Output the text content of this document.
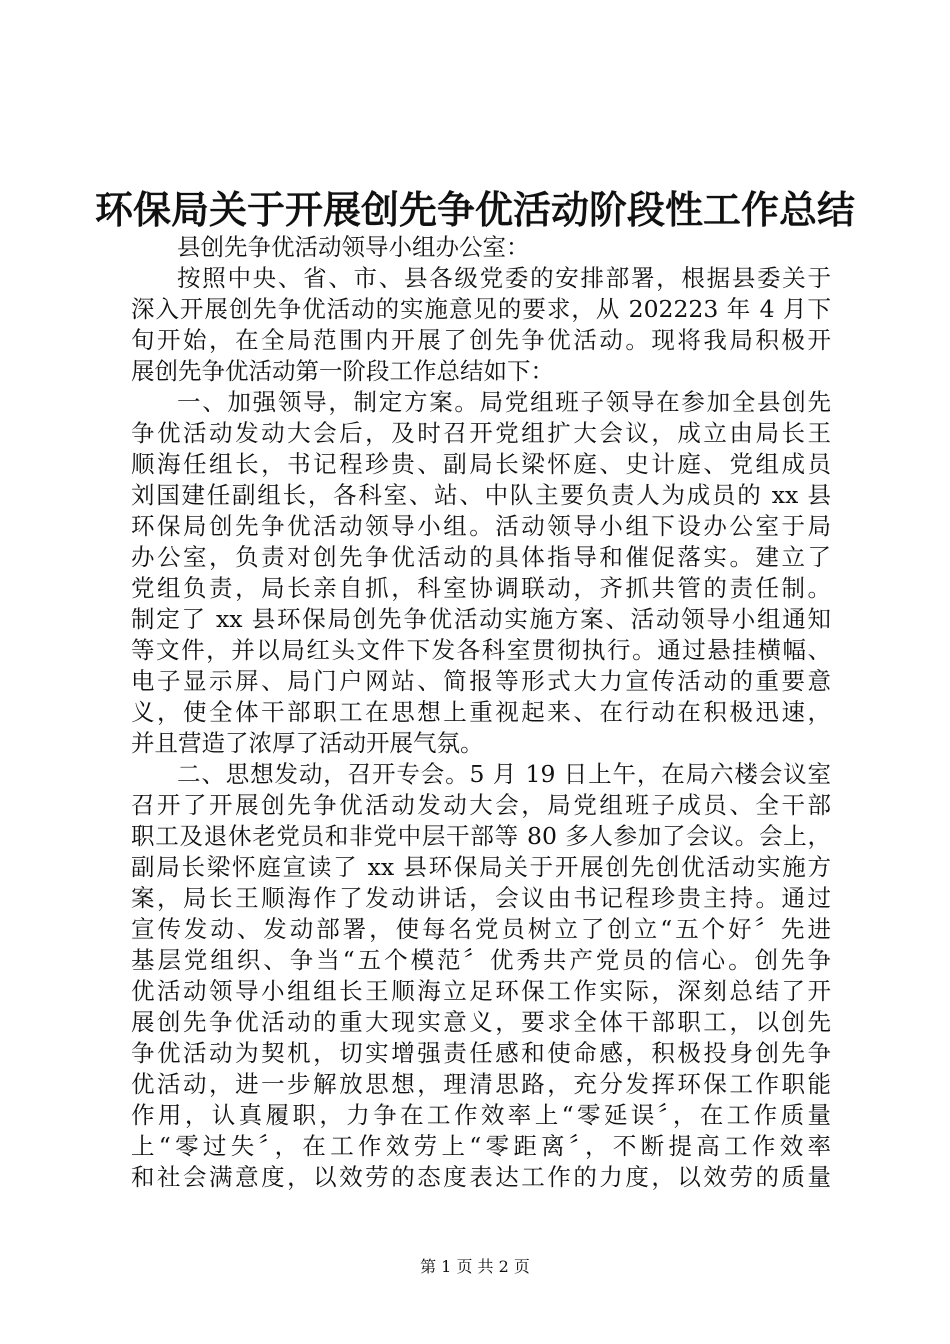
环保局关于开展创先争优活动阶段性工作总结
县创先争优活动领导小组办公室：
按照中央、省、市、县各级党委的安排部署，根据县委关于
深入开展创先争优活动的实施意见的要求，从 202223 年 4 月下
旬开始，在全局范围内开展了创先争优活动。现将我局积极开
展创先争优活动第一阶段工作总结如下：
一、加强领导，制定方案。局党组班子领导在参加全县创先
争优活动发动大会后，及时召开党组扩大会议，成立由局长王
顺海任组长，书记程珍贵、副局长梁怀庭、史计庭、党组成员
刘国建任副组长，各科室、站、中队主要负责人为成员的 xx 县
环保局创先争优活动领导小组。活动领导小组下设办公室于局
办公室，负责对创先争优活动的具体指导和催促落实。建立了
党组负责，局长亲自抓，科室协调联动，齐抓共管的责任制。
制定了 xx 县环保局创先争优活动实施方案、活动领导小组通知
等文件，并以局红头文件下发各科室贯彻执行。通过悬挂横幅、
电子显示屏、局门户网站、简报等形式大力宣传活动的重要意
义，使全体干部职工在思想上重视起来、在行动在积极迅速，
并且营造了浓厚了活动开展气氛。
二、思想发动，召开专会。5 月 19 日上午，在局六楼会议室
召开了开展创先争优活动发动大会，局党组班子成员、全干部
职工及退休老党员和非党中层干部等 80 多人参加了会议。会上，
副局长梁怀庭宣读了 xx 县环保局关于开展创先创优活动实施方
案，局长王顺海作了发动讲话，会议由书记程珍贵主持。通过
宣传发动、发动部署，使每名党员树立了创立“五个好〞先进
基层党组织、争当“五个模范〞优秀共产党员的信心。创先争
优活动领导小组组长王顺海立足环保工作实际，深刻总结了开
展创先争优活动的重大现实意义，要求全体干部职工，以创先
争优活动为契机，切实增强责任感和使命感，积极投身创先争
优活动，进一步解放思想，理清思路，充分发挥环保工作职能
作用，认真履职，力争在工作效率上“零延误〞，在工作质量
上“零过失〞，在工作效劳上“零距离〞，不断提高工作效率
和社会满意度，以效劳的态度表达工作的力度，以效劳的质量
第 1 页 共 2 页
